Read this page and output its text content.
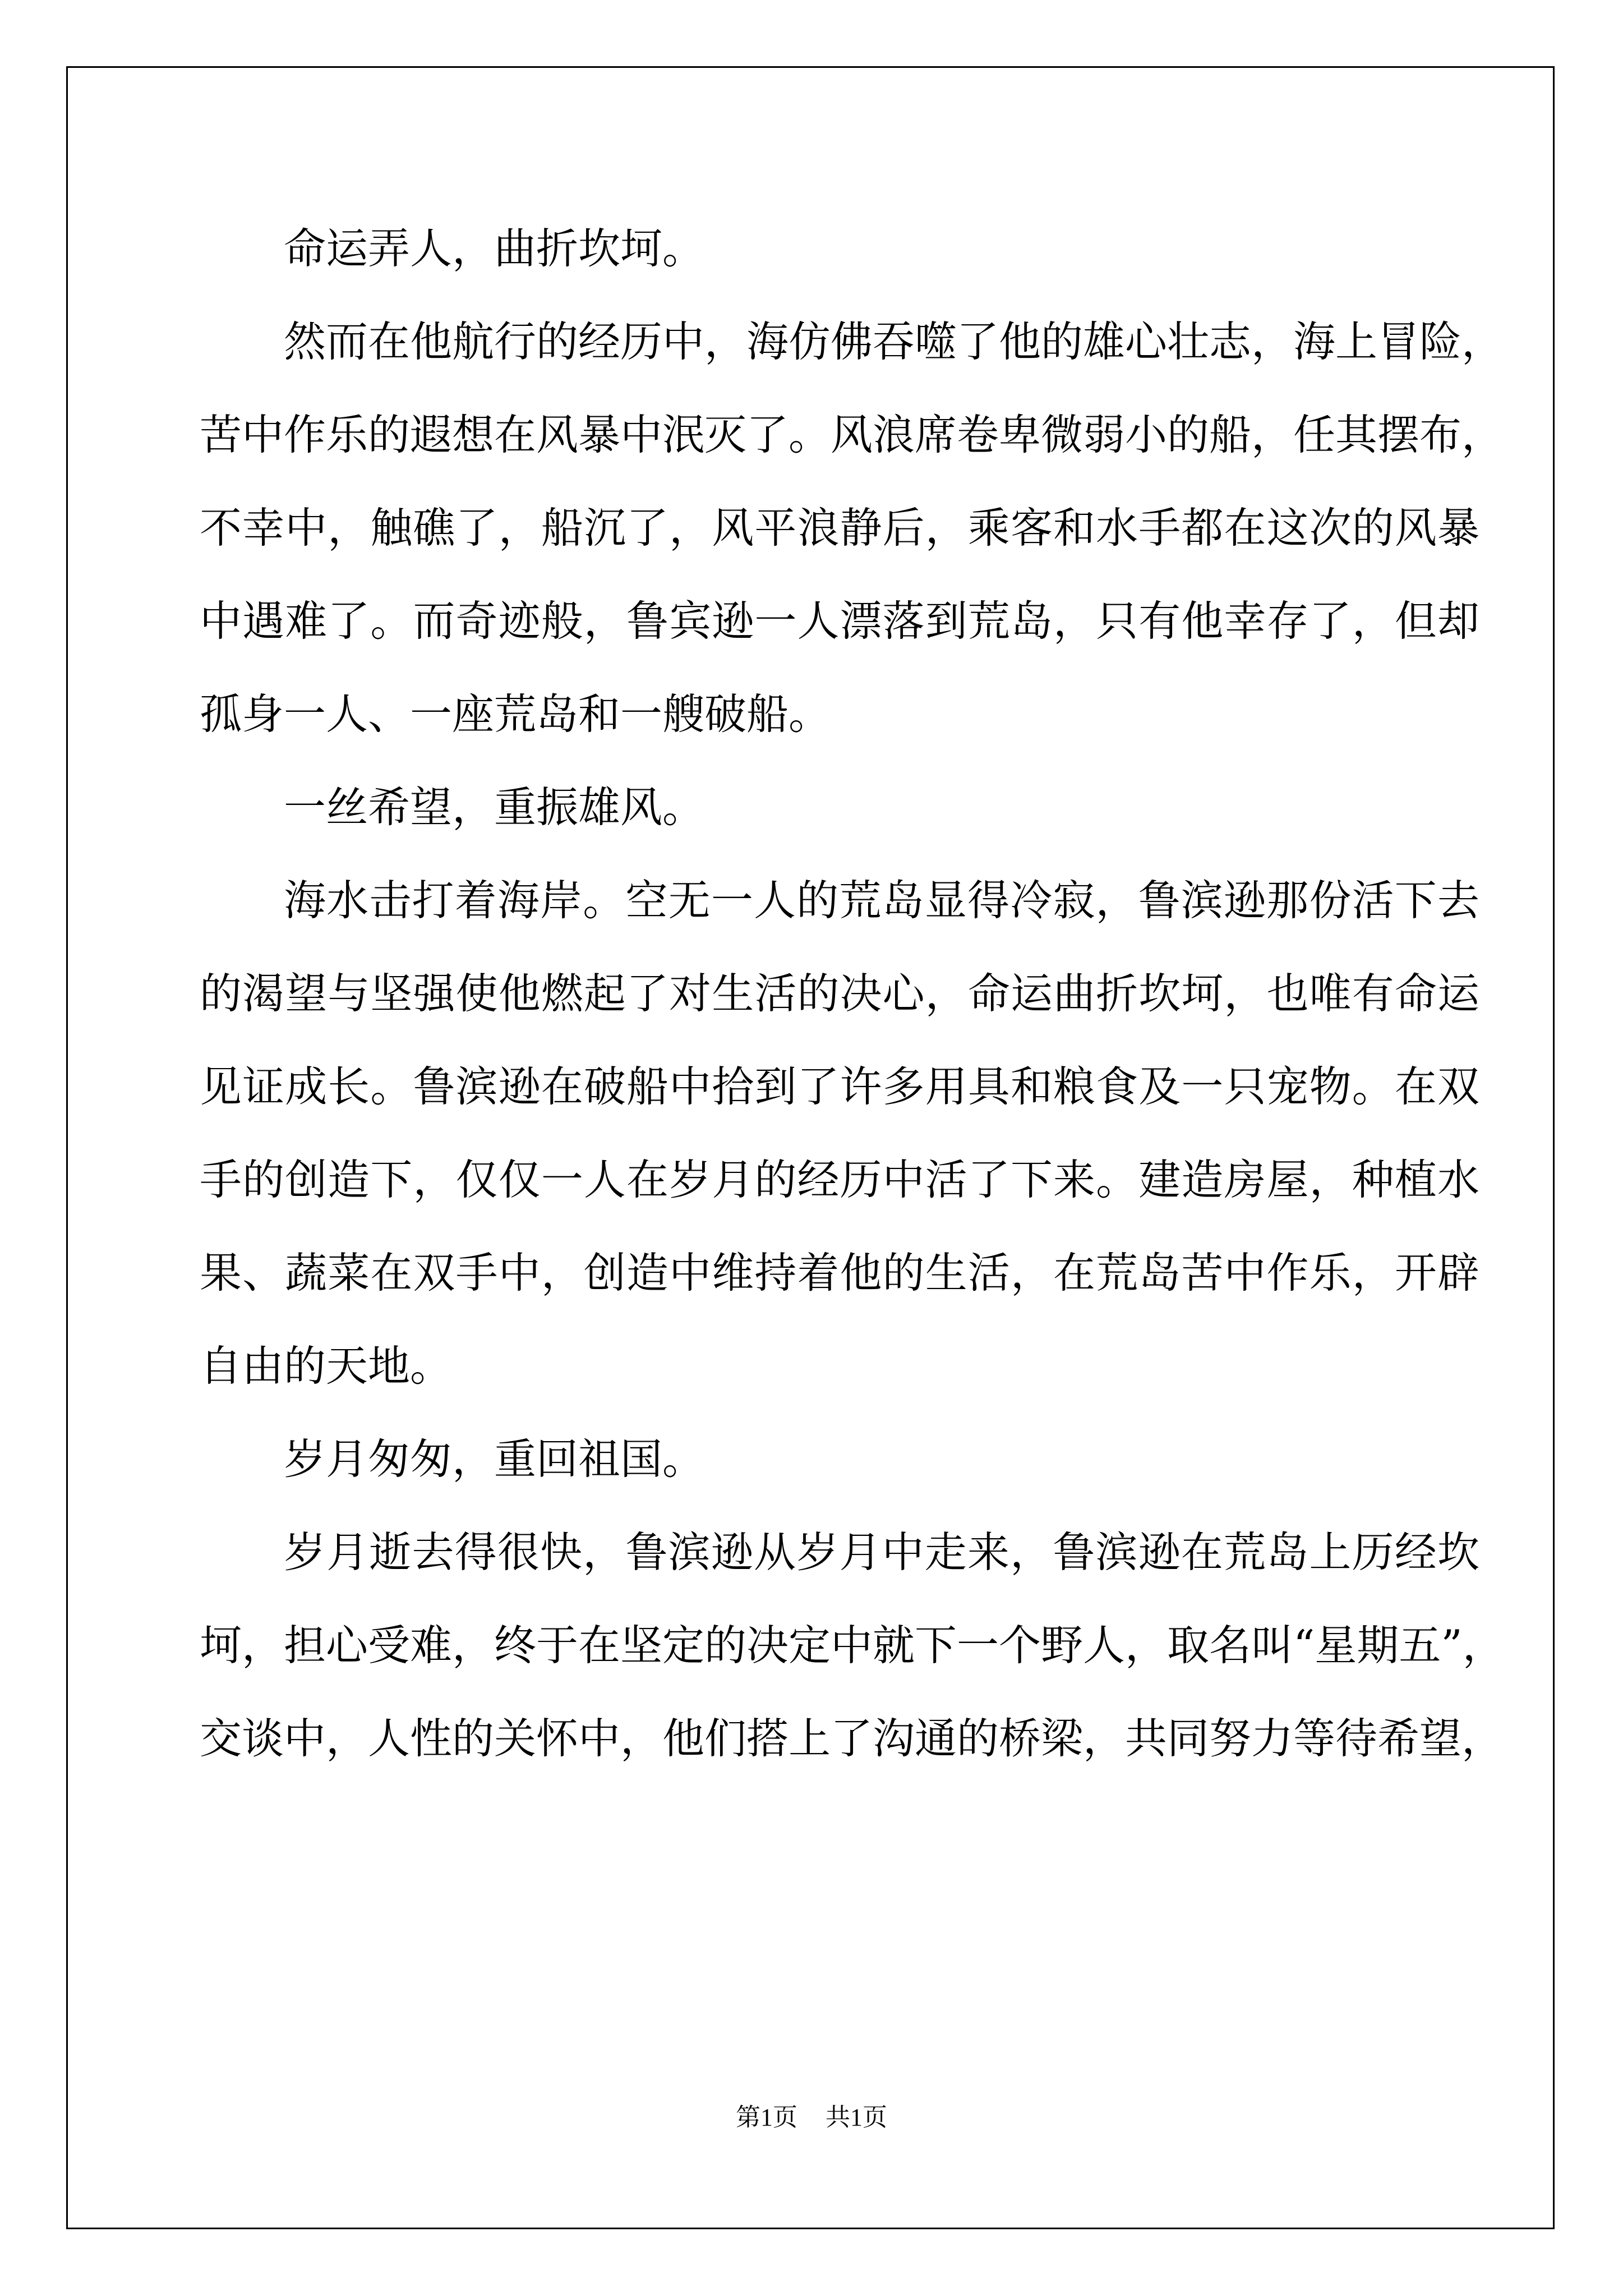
命运弄人，曲折坎坷。
然而在他航行的经历中，海仿佛吞噬了他的雄心壮志，海上冒险，
苦中作乐的遐想在风暴中泯灭了。风浪席卷卑微弱小的船，任其摆布，
不幸中，触礁了，船沉了，风平浪静后，乘客和水手都在这次的风暴
中遇难了。而奇迹般，鲁宾逊一人漂落到荒岛，只有他幸存了，但却
孤身一人、一座荒岛和一艘破船。
一丝希望，重振雄风。
海水击打着海岸。空无一人的荒岛显得冷寂，鲁滨逊那份活下去
的渴望与坚强使他燃起了对生活的决心，命运曲折坎坷，也唯有命运
见证成长。鲁滨逊在破船中拾到了许多用具和粮食及一只宠物。在双
手的创造下，仅仅一人在岁月的经历中活了下来。建造房屋，种植水
果、蔬菜在双手中，创造中维持着他的生活，在荒岛苦中作乐，开辟
自由的天地。
岁月匆匆，重回祖国。
岁月逝去得很快，鲁滨逊从岁月中走来，鲁滨逊在荒岛上历经坎
坷，担心受难，终于在坚定的决定中就下一个野人，取名叫“星期五”，
交谈中，人性的关怀中，他们搭上了沟通的桥梁，共同努力等待希望，
第1页 共1页
